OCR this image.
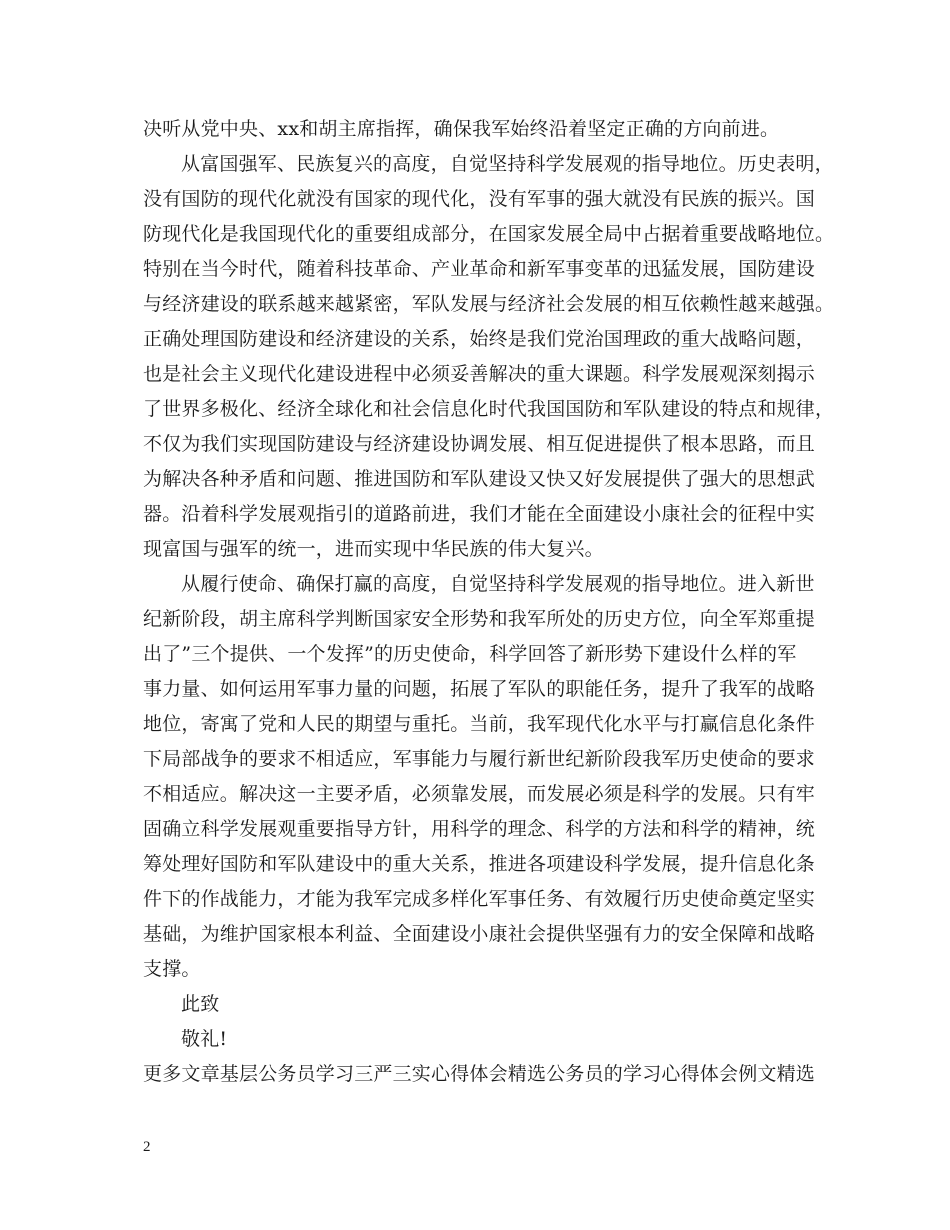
决听从党中央、xx和胡主席指挥，确保我军始终沿着坚定正确的方向前进。
从富国强军、民族复兴的高度，自觉坚持科学发展观的指导地位。历史表明，
没有国防的现代化就没有国家的现代化，没有军事的强大就没有民族的振兴。国
防现代化是我国现代化的重要组成部分，在国家发展全局中占据着重要战略地位。
特别在当今时代，随着科技革命、产业革命和新军事变革的迅猛发展，国防建设
与经济建设的联系越来越紧密，军队发展与经济社会发展的相互依赖性越来越强。
正确处理国防建设和经济建设的关系，始终是我们党治国理政的重大战略问题，
也是社会主义现代化建设进程中必须妥善解决的重大课题。科学发展观深刻揭示
了世界多极化、经济全球化和社会信息化时代我国国防和军队建设的特点和规律，
不仅为我们实现国防建设与经济建设协调发展、相互促进提供了根本思路，而且
为解决各种矛盾和问题、推进国防和军队建设又快又好发展提供了强大的思想武
器。沿着科学发展观指引的道路前进，我们才能在全面建设小康社会的征程中实
现富国与强军的统一，进而实现中华民族的伟大复兴。
从履行使命、确保打赢的高度，自觉坚持科学发展观的指导地位。进入新世
纪新阶段，胡主席科学判断国家安全形势和我军所处的历史方位，向全军郑重提
出了”三个提供、一个发挥”的历史使命，科学回答了新形势下建设什么样的军
事力量、如何运用军事力量的问题，拓展了军队的职能任务，提升了我军的战略
地位，寄寓了党和人民的期望与重托。当前，我军现代化水平与打赢信息化条件
下局部战争的要求不相适应，军事能力与履行新世纪新阶段我军历史使命的要求
不相适应。解决这一主要矛盾，必须靠发展，而发展必须是科学的发展。只有牢
固确立科学发展观重要指导方针，用科学的理念、科学的方法和科学的精神，统
筹处理好国防和军队建设中的重大关系，推进各项建设科学发展，提升信息化条
件下的作战能力，才能为我军完成多样化军事任务、有效履行历史使命奠定坚实
基础，为维护国家根本利益、全面建设小康社会提供坚强有力的安全保障和战略
支撑。
此致
敬礼!
更多文章基层公务员学习三严三实心得体会精选公务员的学习心得体会例文精选
2
